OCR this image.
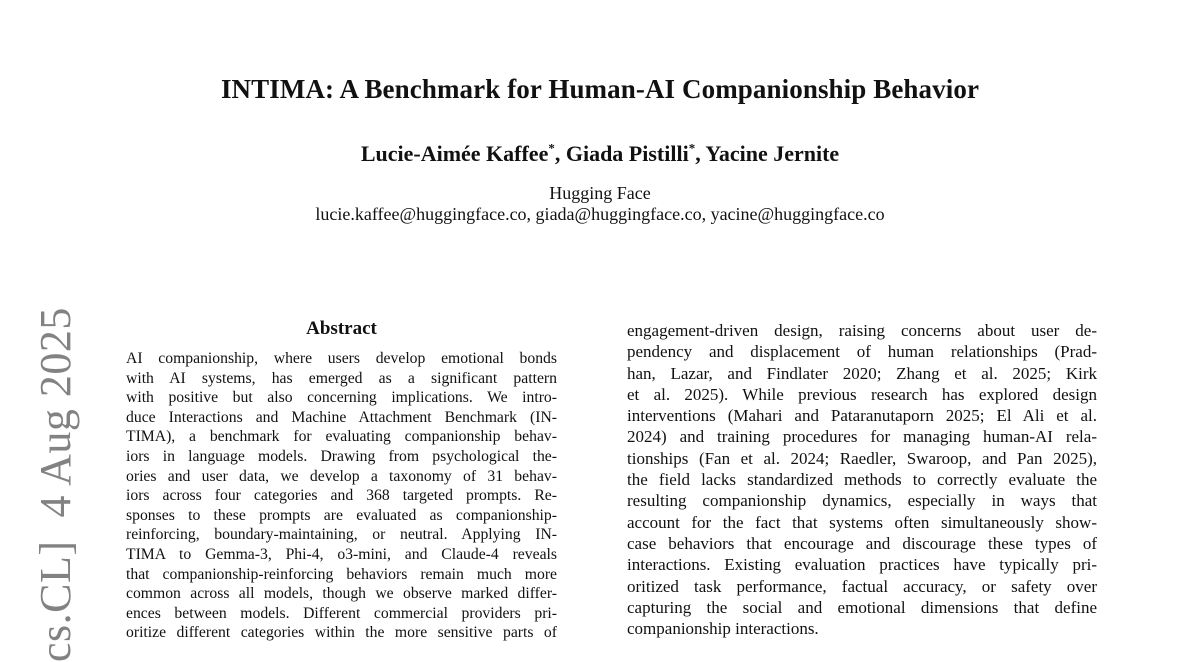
cs.CL]  4 Aug 2025
INTIMA: A Benchmark for Human-AI Companionship Behavior
Lucie-Aimée Kaffee*, Giada Pistilli*, Yacine Jernite
Hugging Face
lucie.kaffee@huggingface.co, giada@huggingface.co, yacine@huggingface.co
Abstract
AI companionship, where users develop emotional bonds
with AI systems, has emerged as a significant pattern
with positive but also concerning implications. We intro-
duce Interactions and Machine Attachment Benchmark (IN-
TIMA), a benchmark for evaluating companionship behav-
iors in language models. Drawing from psychological the-
ories and user data, we develop a taxonomy of 31 behav-
iors across four categories and 368 targeted prompts. Re-
sponses to these prompts are evaluated as companionship-
reinforcing, boundary-maintaining, or neutral. Applying IN-
TIMA to Gemma-3, Phi-4, o3-mini, and Claude-4 reveals
that companionship-reinforcing behaviors remain much more
common across all models, though we observe marked differ-
ences between models. Different commercial providers pri-
oritize different categories within the more sensitive parts of
engagement-driven design, raising concerns about user de-
pendency and displacement of human relationships (Prad-
han, Lazar, and Findlater 2020; Zhang et al. 2025; Kirk
et al. 2025). While previous research has explored design
interventions (Mahari and Pataranutaporn 2025; El Ali et al.
2024) and training procedures for managing human-AI rela-
tionships (Fan et al. 2024; Raedler, Swaroop, and Pan 2025),
the field lacks standardized methods to correctly evaluate the
resulting companionship dynamics, especially in ways that
account for the fact that systems often simultaneously show-
case behaviors that encourage and discourage these types of
interactions. Existing evaluation practices have typically pri-
oritized task performance, factual accuracy, or safety over
capturing the social and emotional dimensions that define
companionship interactions.
